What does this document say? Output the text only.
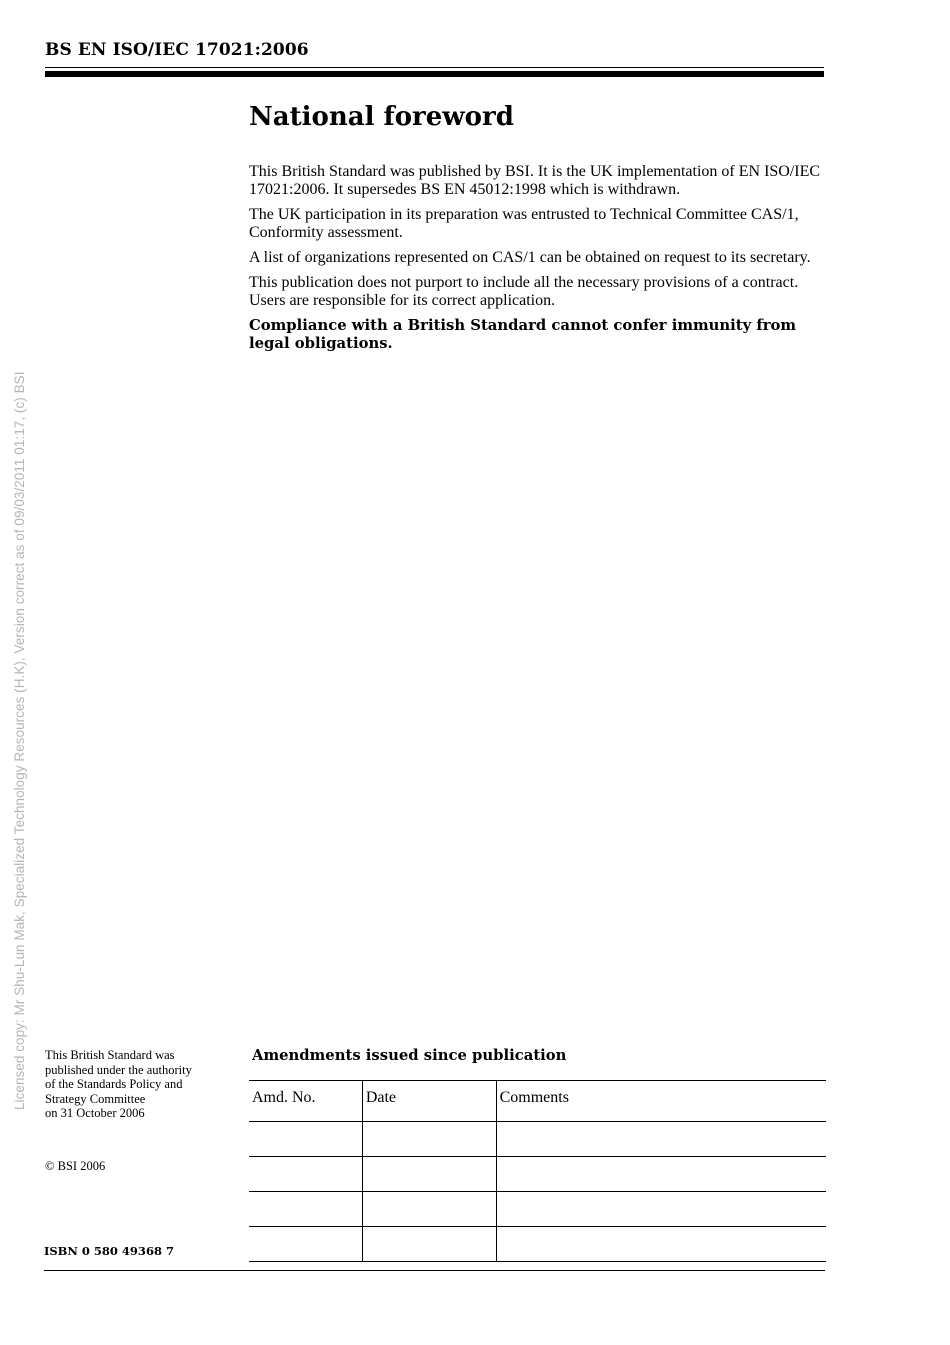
BS EN ISO/IEC 17021:2006
Licensed copy: Mr Shu-Lun Mak, Specialized Technology Resources (H.K), Version correct as of 09/03/2011 01:17, (c) BSI
National foreword

This British Standard was published by BSI. It is the UK implementation of EN ISO/IEC 17021:2006. It supersedes BS EN 45012:1998 which is withdrawn.

The UK participation in its preparation was entrusted to Technical Committee CAS/1, Conformity assessment.

A list of organizations represented on CAS/1 can be obtained on request to its secretary.

This publication does not purport to include all the necessary provisions of a contract. Users are responsible for its correct application.

Compliance with a British Standard cannot confer immunity from legal obligations.

This British Standard was
published under the authority
of the Standards Policy and
Strategy Committee
on 31 October 2006
© BSI 2006
ISBN 0 580 49368 7
Amendments issued since publication
Amd. No.	Date	Comments
